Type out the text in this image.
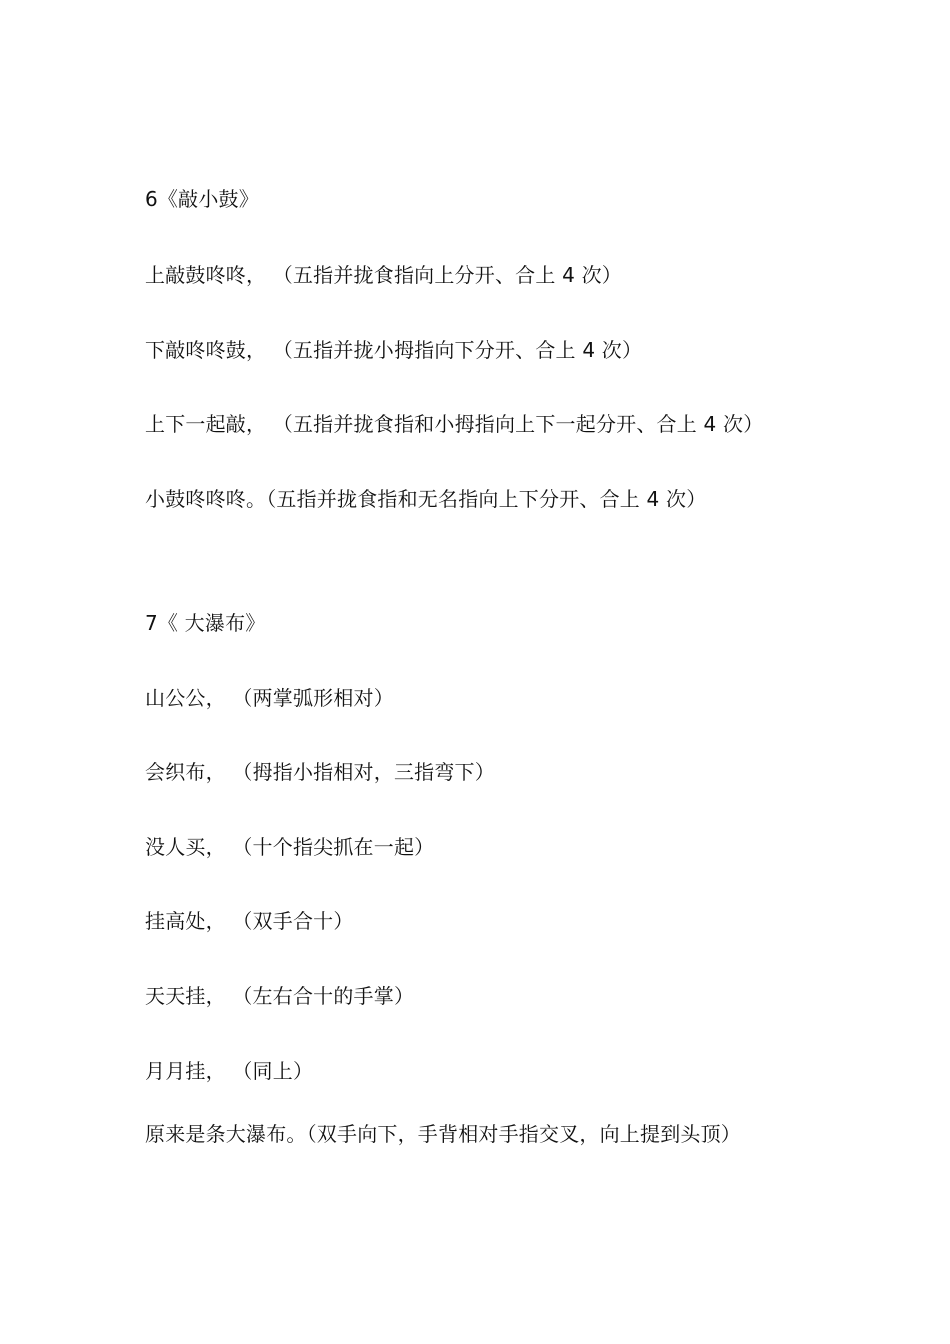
6《敲小鼓》
上敲鼓咚咚， （五指并拢食指向上分开、合上 4 次）
下敲咚咚鼓， （五指并拢小拇指向下分开、合上 4 次）
上下一起敲， （五指并拢食指和小拇指向上下一起分开、合上 4 次）
小鼓咚咚咚。（五指并拢食指和无名指向上下分开、合上 4 次）
7《 大瀑布》
山公公， （两掌弧形相对）
会织布， （拇指小指相对，三指弯下）
没人买， （十个指尖抓在一起）
挂高处， （双手合十）
天天挂， （左右合十的手掌）
月月挂， （同上）
原来是条大瀑布。（双手向下，手背相对手指交叉，向上提到头顶）
